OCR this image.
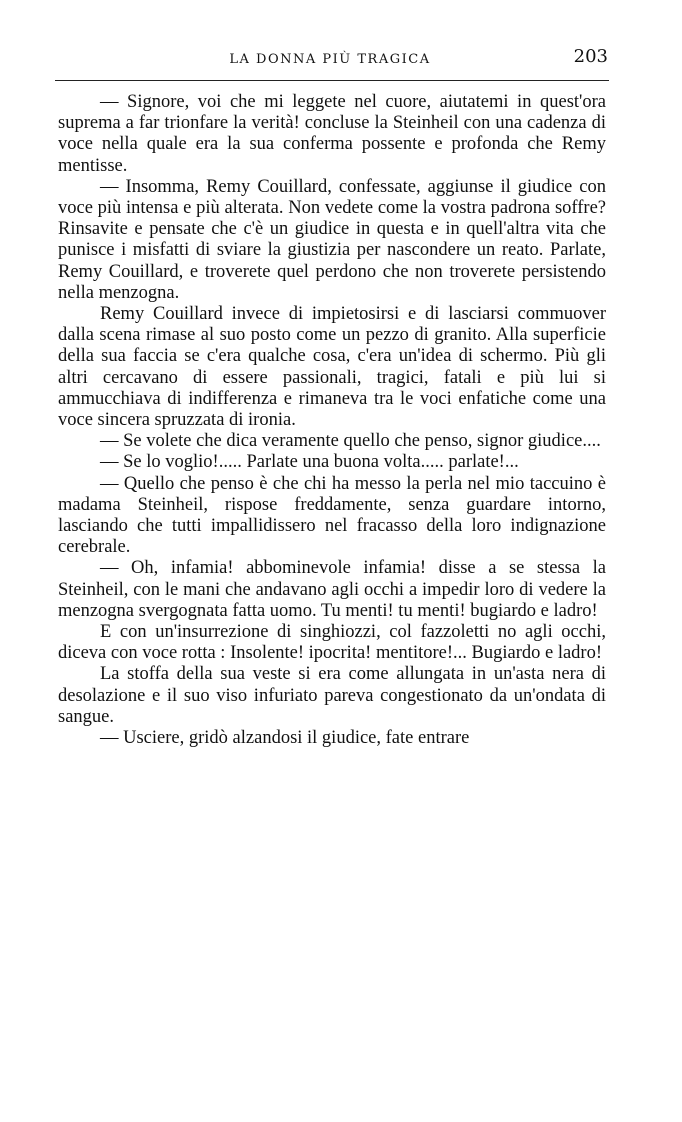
LA DONNA PIÙ TRAGICA	203

— Signore, voi che mi leggete nel cuore, aiutatemi in quest'ora suprema a far trionfare la verità! concluse la Steinheil con una cadenza di voce nella quale era la sua conferma possente e profonda che Remy mentisse.

— Insomma, Remy Couillard, confessate, aggiunse il giudice con voce più intensa e più alterata. Non vedete come la vostra padrona soffre? Rinsavite e pensate che c'è un giudice in questa e in quell'altra vita che punisce i misfatti di sviare la giustizia per nascondere un reato. Parlate, Remy Couillard, e troverete quel perdono che non troverete persistendo nella menzogna.

Remy Couillard invece di impietosirsi e di lasciarsi commuover dalla scena rimase al suo posto come un pezzo di granito. Alla superficie della sua faccia se c'era qualche cosa, c'era un'idea di schermo. Più gli altri cercavano di essere passionali, tragici, fatali e più lui si ammucchiava di indifferenza e rimaneva tra le voci enfatiche come una voce sincera spruzzata di ironia.

— Se volete che dica veramente quello che penso, signor giudice....

— Se lo voglio!..... Parlate una buona volta..... parlate!...

— Quello che penso è che chi ha messo la perla nel mio taccuino è madama Steinheil, rispose freddamente, senza guardare intorno, lasciando che tutti impallidissero nel fracasso della loro indignazione cerebrale.

— Oh, infamia! abbominevole infamia! disse a se stessa la Steinheil, con le mani che andavano agli occhi a impedir loro di vedere la menzogna svergognata fatta uomo. Tu menti! tu menti! bugiardo e ladro!

E con un'insurrezione di singhiozzi, col fazzoletti no agli occhi, diceva con voce rotta : Insolente! ipocrita! mentitore!... Bugiardo e ladro!

La stoffa della sua veste si era come allungata in un'asta nera di desolazione e il suo viso infuriato pareva congestionato da un'ondata di sangue.

— Usciere, gridò alzandosi il giudice, fate entrare
